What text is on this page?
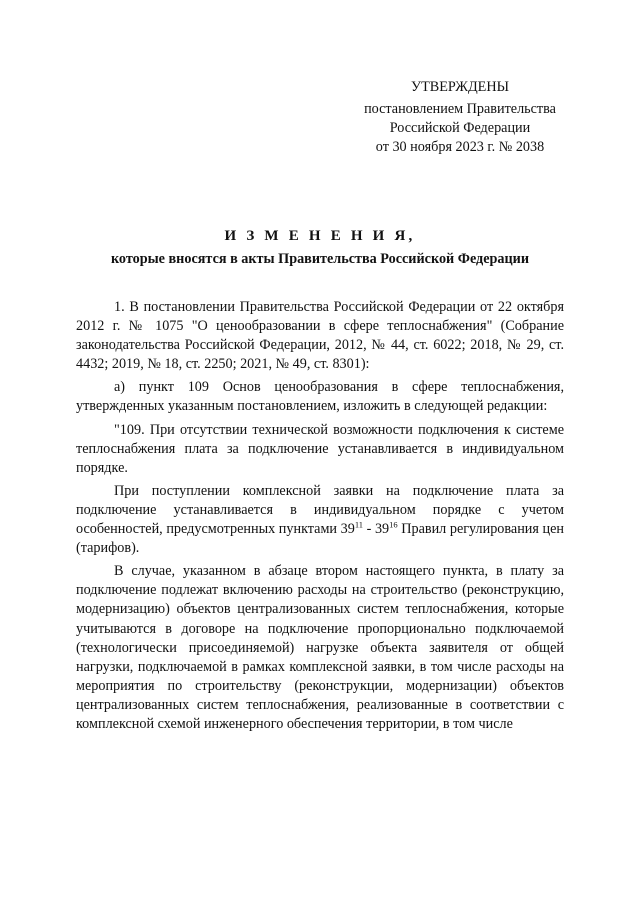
УТВЕРЖДЕНЫ
постановлением Правительства
Российской Федерации
от 30 ноября 2023 г. № 2038
И З М Е Н Е Н И Я,
которые вносятся в акты Правительства Российской Федерации

1. В постановлении Правительства Российской Федерации от 22 октября 2012 г. № 1075 "О ценообразовании в сфере теплоснабжения" (Собрание законодательства Российской Федерации, 2012, № 44, ст. 6022; 2018, № 29, ст. 4432; 2019, № 18, ст. 2250; 2021, № 49, ст. 8301):

а) пункт 109 Основ ценообразования в сфере теплоснабжения, утвержденных указанным постановлением, изложить в следующей редакции:

"109. При отсутствии технической возможности подключения к системе теплоснабжения плата за подключение устанавливается в индивидуальном порядке.

При поступлении комплексной заявки на подключение плата за подключение устанавливается в индивидуальном порядке с учетом особенностей, предусмотренных пунктами $39^{11} - 39^{16}$ Правил регулирования цен (тарифов).

В случае, указанном в абзаце втором настоящего пункта, в плату за подключение подлежат включению расходы на строительство (реконструкцию, модернизацию) объектов централизованных систем теплоснабжения, которые учитываются в договоре на подключение пропорционально подключаемой (технологически присоединяемой) нагрузке объекта заявителя от общей нагрузки, подключаемой в рамках комплексной заявки, в том числе расходы на мероприятия по строительству (реконструкции, модернизации) объектов централизованных систем теплоснабжения, реализованные в соответствии с комплексной схемой инженерного обеспечения территории, в том числе
